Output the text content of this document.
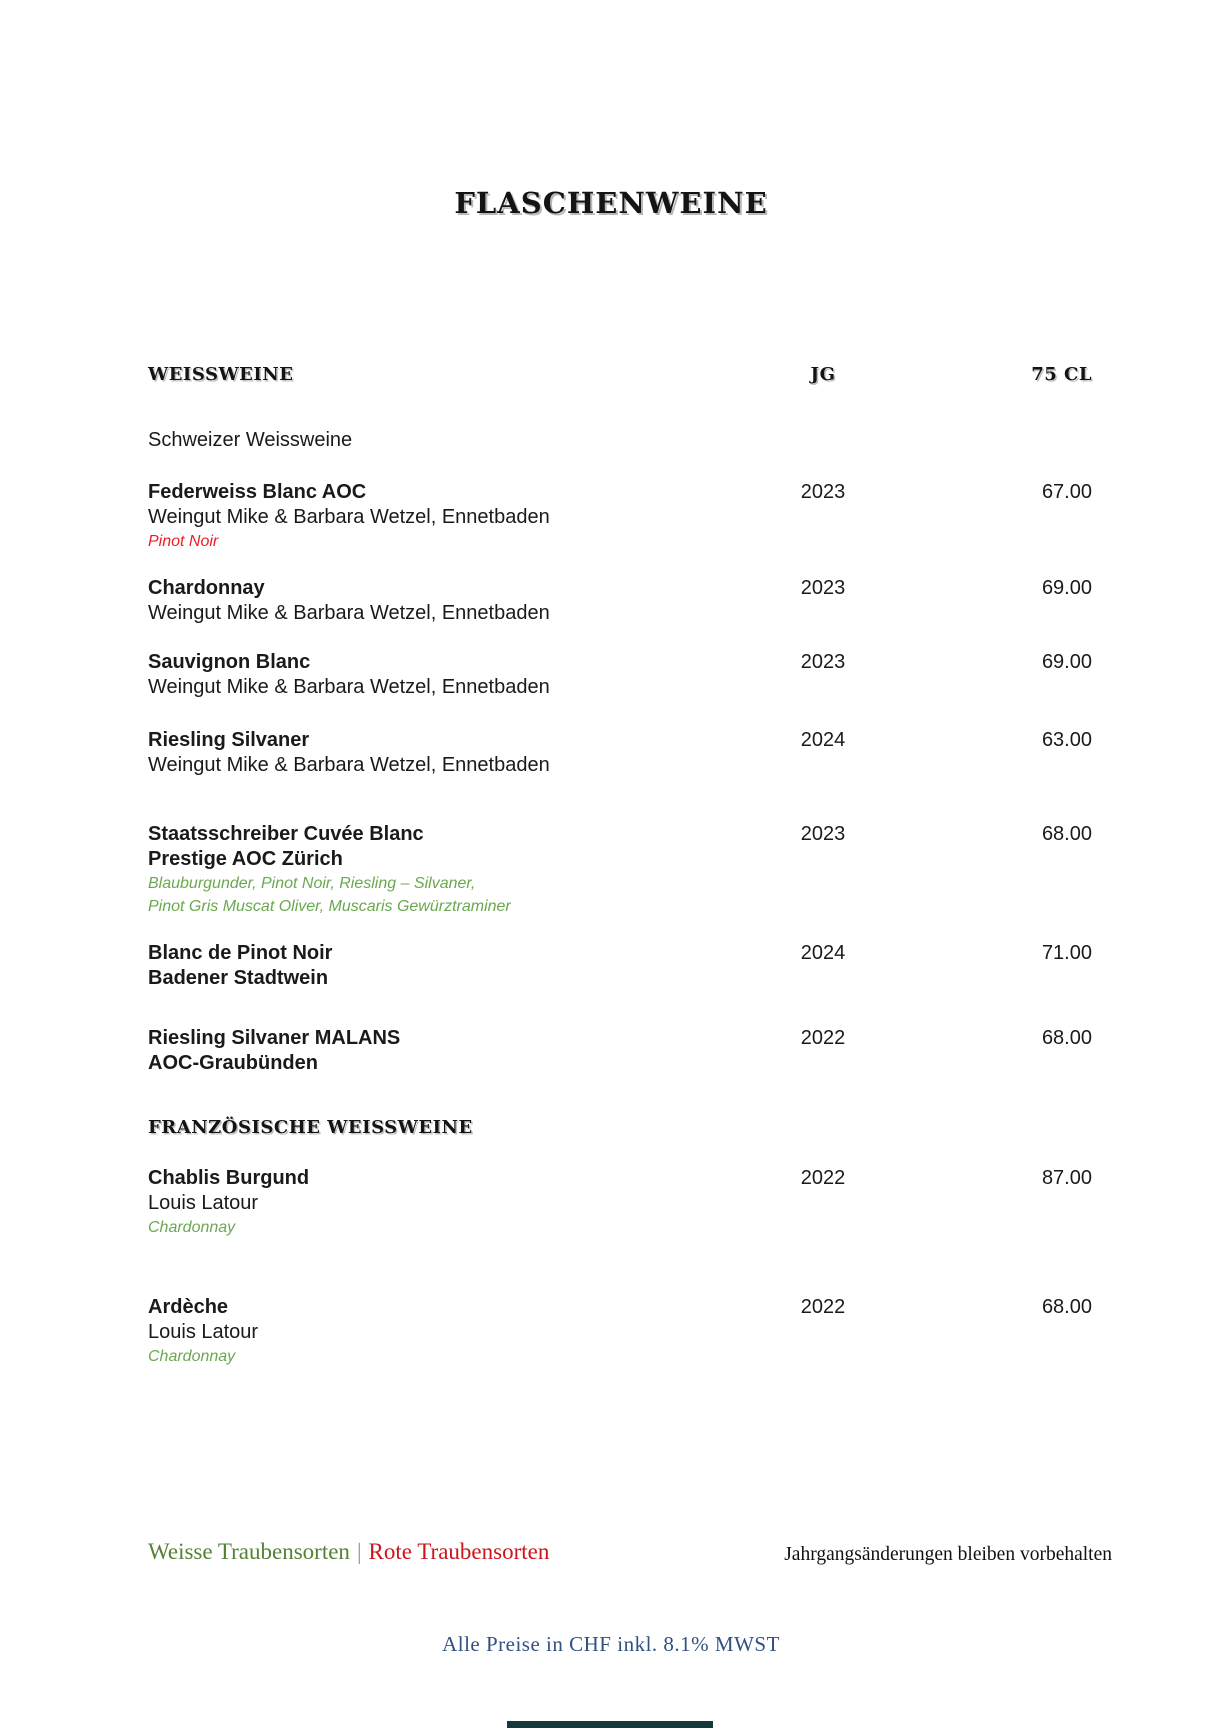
FLASCHENWEINE
WEISSWEINE	JG	75 CL
Schweizer Weissweine
Federweiss Blanc AOC
Weingut Mike & Barbara Wetzel, Ennetbaden
Pinot Noir
2023	67.00
Chardonnay
Weingut Mike & Barbara Wetzel, Ennetbaden
2023	69.00
Sauvignon Blanc
Weingut Mike & Barbara Wetzel, Ennetbaden
2023	69.00
Riesling Silvaner
Weingut Mike & Barbara Wetzel, Ennetbaden
2024	63.00
Staatsschreiber Cuvée Blanc
Prestige AOC Zürich
Blauburgunder, Pinot Noir, Riesling – Silvaner,
Pinot Gris Muscat Oliver, Muscaris Gewürztraminer
2023	68.00
Blanc de Pinot Noir
Badener Stadtwein
2024	71.00
Riesling Silvaner MALANS
AOC-Graubünden
2022	68.00
FRANZÖSISCHE WEISSWEINE
Chablis Burgund
Louis Latour
Chardonnay
2022	87.00
Ardèche
Louis Latour
Chardonnay
2022	68.00
Weisse Traubensorten | Rote Traubensorten	Jahrgangsänderungen bleiben vorbehalten
Alle Preise in CHF inkl. 8.1% MWST
